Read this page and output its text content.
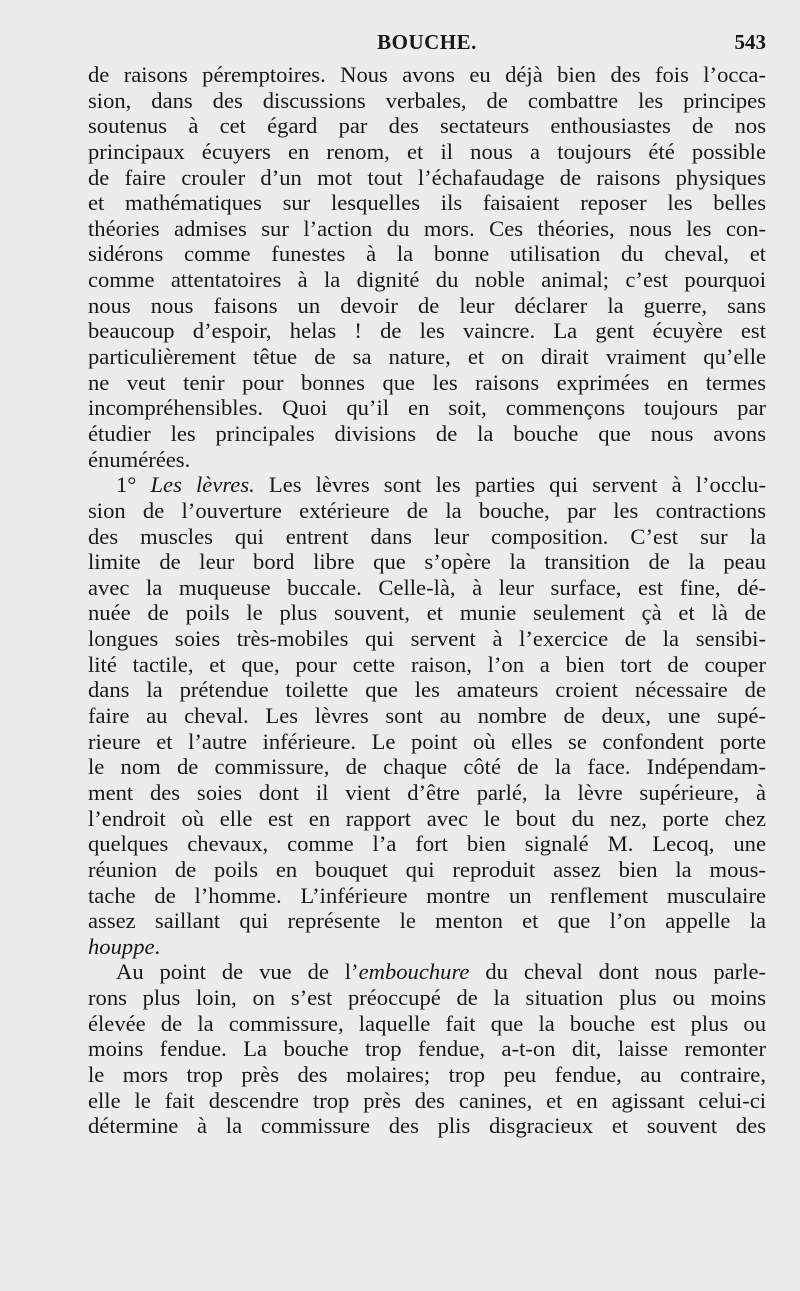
BOUCHE.	543
de raisons péremptoires. Nous avons eu déjà bien des fois l’occa-
sion, dans des discussions verbales, de combattre les principes
soutenus à cet égard par des sectateurs enthousiastes de nos
principaux écuyers en renom, et il nous a toujours été possible
de faire crouler d’un mot tout l’échafaudage de raisons physiques
et mathématiques sur lesquelles ils faisaient reposer les belles
théories admises sur l’action du mors. Ces théories, nous les con-
sidérons comme funestes à la bonne utilisation du cheval, et
comme attentatoires à la dignité du noble animal; c’est pourquoi
nous nous faisons un devoir de leur déclarer la guerre, sans
beaucoup d’espoir, helas ! de les vaincre. La gent écuyère est
particulièrement têtue de sa nature, et on dirait vraiment qu’elle
ne veut tenir pour bonnes que les raisons exprimées en termes
incompréhensibles. Quoi qu’il en soit, commençons toujours par
étudier les principales divisions de la bouche que nous avons
énumérées.
1° Les lèvres. Les lèvres sont les parties qui servent à l’occlu-
sion de l’ouverture extérieure de la bouche, par les contractions
des muscles qui entrent dans leur composition. C’est sur la
limite de leur bord libre que s’opère la transition de la peau
avec la muqueuse buccale. Celle-là, à leur surface, est fine, dé-
nuée de poils le plus souvent, et munie seulement çà et là de
longues soies très-mobiles qui servent à l’exercice de la sensibi-
lité tactile, et que, pour cette raison, l’on a bien tort de couper
dans la prétendue toilette que les amateurs croient nécessaire de
faire au cheval. Les lèvres sont au nombre de deux, une supé-
rieure et l’autre inférieure. Le point où elles se confondent porte
le nom de commissure, de chaque côté de la face. Indépendam-
ment des soies dont il vient d’être parlé, la lèvre supérieure, à
l’endroit où elle est en rapport avec le bout du nez, porte chez
quelques chevaux, comme l’a fort bien signalé M. Lecoq, une
réunion de poils en bouquet qui reproduit assez bien la mous-
tache de l’homme. L’inférieure montre un renflement musculaire
assez saillant qui représente le menton et que l’on appelle la
houppe.
Au point de vue de l’embouchure du cheval dont nous parle-
rons plus loin, on s’est préoccupé de la situation plus ou moins
élevée de la commissure, laquelle fait que la bouche est plus ou
moins fendue. La bouche trop fendue, a-t-on dit, laisse remonter
le mors trop près des molaires; trop peu fendue, au contraire,
elle le fait descendre trop près des canines, et en agissant celui-ci
détermine à la commissure des plis disgracieux et souvent des
